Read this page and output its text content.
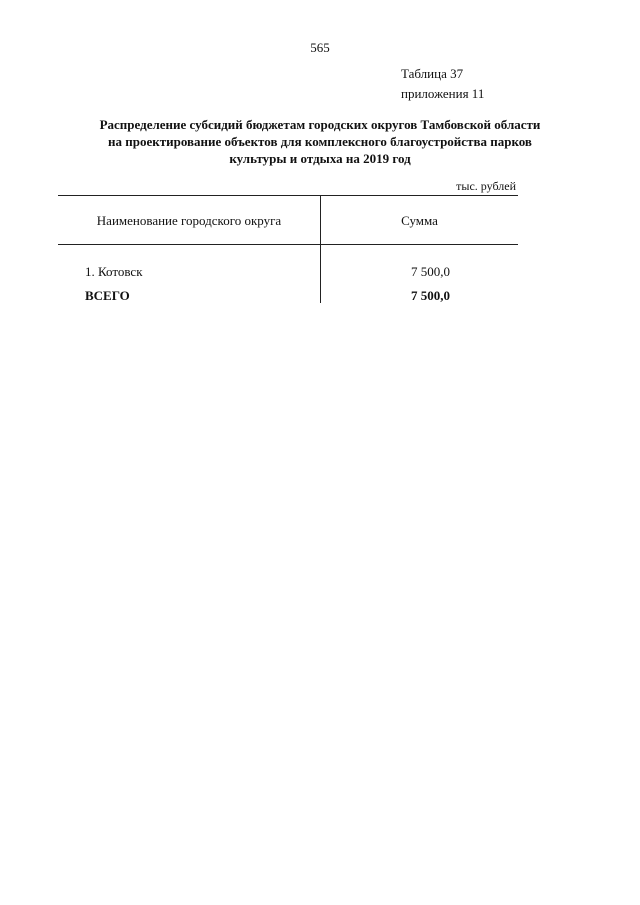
565
Таблица 37
приложения 11
Распределение субсидий бюджетам городских округов Тамбовской области
на проектирование объектов для комплексного благоустройства парков
культуры и отдыха на 2019 год
тыс. рублей
Наименование городского округа	Сумма
1. Котовск	7 500,0
ВСЕГО	7 500,0
